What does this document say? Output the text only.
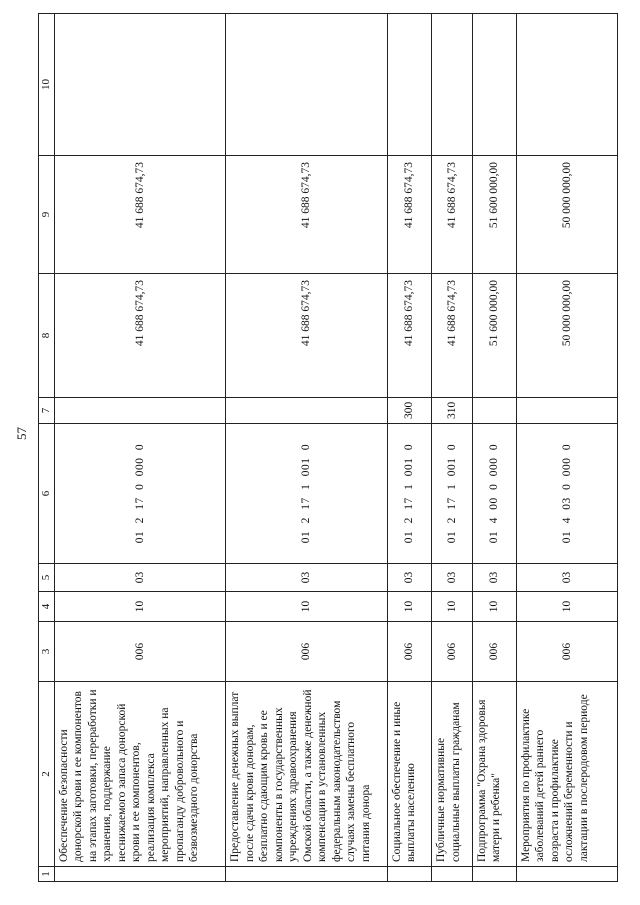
57
1	2	3	4	5	6	7	8	9	10
	Обеспечение безопасности донорской крови и ее компонентов на этапах заготовки, переработки и хранения, поддержание неснижаемого запаса донорской крови и ее компонентов, реализация комплекса мероприятий, направленных на пропаганду добровольного и безвозмездного донорства	006	10	03	01 2 17 0 000 0		41 688 674,73	41 688 674,73	
	Предоставление денежных выплат после сдачи крови донорам, безплатно сдающим кровь и ее компоненты в государственных учреждениях здравоохранения Омской области, а также денежной компенсации в установленных федеральным законодательством случаях замены бесплатного питания донора	006	10	03	01 2 17 1 001 0		41 688 674,73	41 688 674,73	
	Социальное обеспечение и иные выплаты населению	006	10	03	01 2 17 1 001 0	300	41 688 674,73	41 688 674,73	
	Публичные нормативные социальные выплаты гражданам	006	10	03	01 2 17 1 001 0	310	41 688 674,73	41 688 674,73	
	Подпрограмма "Охрана здоровья матери и ребенка"	006	10	03	01 4 00 0 000 0		51 600 000,00	51 600 000,00	
	Мероприятия по профилактике заболеваний детей раннего возраста и профилактике осложнений беременности и лактации в послеродовом периоде	006	10	03	01 4 03 0 000 0		50 000 000,00	50 000 000,00	
